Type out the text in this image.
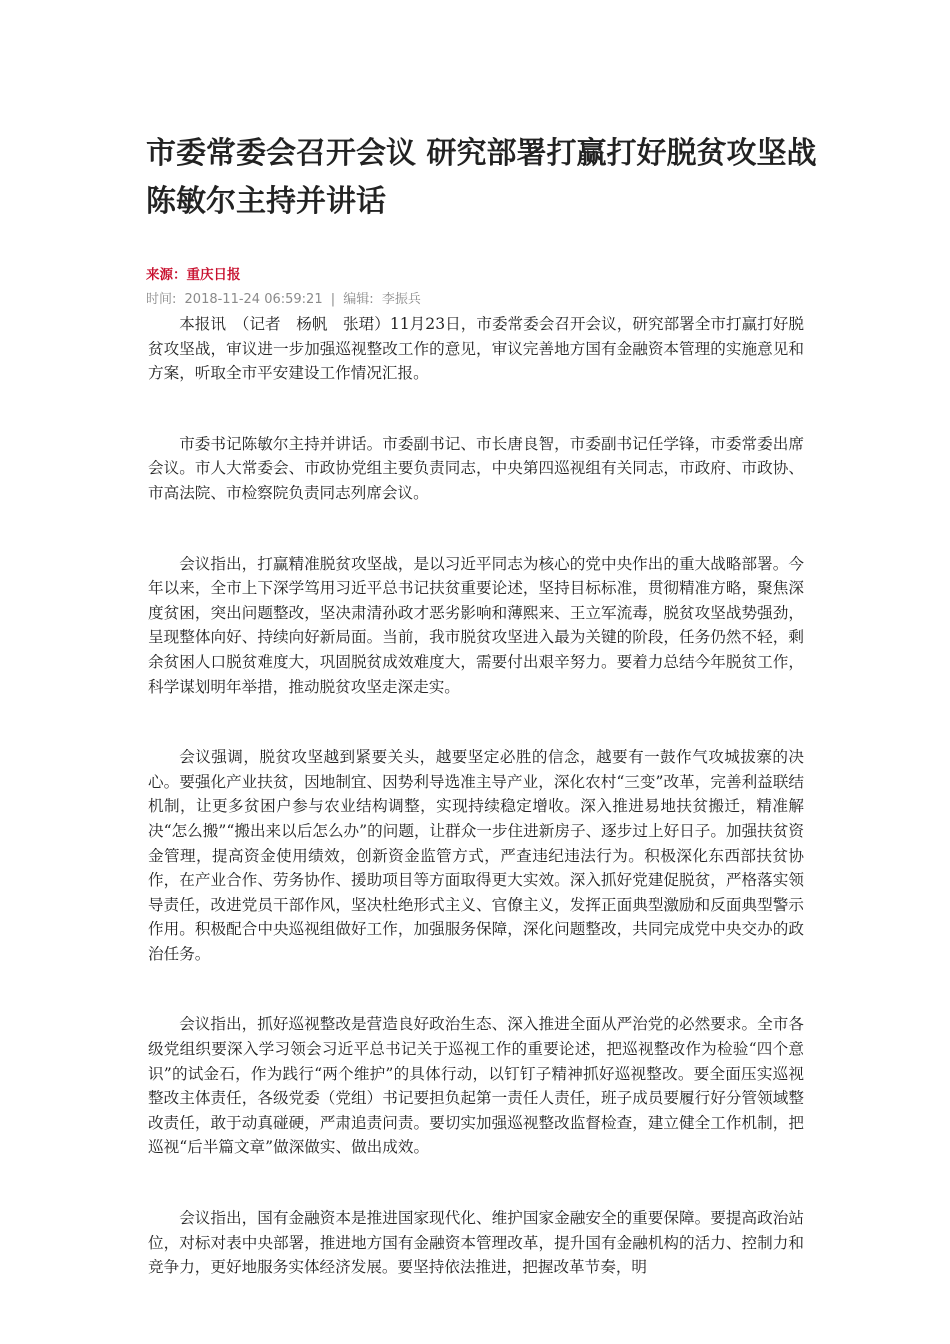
市委常委会召开会议 研究部署打赢打好脱贫攻坚战 陈敏尔主持并讲话
来源：重庆日报
时间: 2018-11-24 06:59:21 | 编辑: 李振兵

本报讯　（记者　杨帆　张珺）11月23日，市委常委会召开会议，研究部署全市打赢打好脱贫攻坚战，审议进一步加强巡视整改工作的意见，审议完善地方国有金融资本管理的实施意见和方案，听取全市平安建设工作情况汇报。

市委书记陈敏尔主持并讲话。市委副书记、市长唐良智，市委副书记任学锋，市委常委出席会议。市人大常委会、市政协党组主要负责同志，中央第四巡视组有关同志，市政府、市政协、市高法院、市检察院负责同志列席会议。

会议指出，打赢精准脱贫攻坚战，是以习近平同志为核心的党中央作出的重大战略部署。今年以来，全市上下深学笃用习近平总书记扶贫重要论述，坚持目标标准，贯彻精准方略，聚焦深度贫困，突出问题整改，坚决肃清孙政才恶劣影响和薄熙来、王立军流毒，脱贫攻坚战势强劲，呈现整体向好、持续向好新局面。当前，我市脱贫攻坚进入最为关键的阶段，任务仍然不轻，剩余贫困人口脱贫难度大，巩固脱贫成效难度大，需要付出艰辛努力。要着力总结今年脱贫工作，科学谋划明年举措，推动脱贫攻坚走深走实。

会议强调，脱贫攻坚越到紧要关头，越要坚定必胜的信念，越要有一鼓作气攻城拔寨的决心。要强化产业扶贫，因地制宜、因势利导选准主导产业，深化农村“三变”改革，完善利益联结机制，让更多贫困户参与农业结构调整，实现持续稳定增收。深入推进易地扶贫搬迁，精准解决“怎么搬”“搬出来以后怎么办”的问题，让群众一步住进新房子、逐步过上好日子。加强扶贫资金管理，提高资金使用绩效，创新资金监管方式，严查违纪违法行为。积极深化东西部扶贫协作，在产业合作、劳务协作、援助项目等方面取得更大实效。深入抓好党建促脱贫，严格落实领导责任，改进党员干部作风，坚决杜绝形式主义、官僚主义，发挥正面典型激励和反面典型警示作用。积极配合中央巡视组做好工作，加强服务保障，深化问题整改，共同完成党中央交办的政治任务。

会议指出，抓好巡视整改是营造良好政治生态、深入推进全面从严治党的必然要求。全市各级党组织要深入学习领会习近平总书记关于巡视工作的重要论述，把巡视整改作为检验“四个意识”的试金石，作为践行“两个维护”的具体行动，以钉钉子精神抓好巡视整改。要全面压实巡视整改主体责任，各级党委（党组）书记要担负起第一责任人责任，班子成员要履行好分管领域整改责任，敢于动真碰硬，严肃追责问责。要切实加强巡视整改监督检查，建立健全工作机制，把巡视“后半篇文章”做深做实、做出成效。

会议指出，国有金融资本是推进国家现代化、维护国家金融安全的重要保障。要提高政治站位，对标对表中央部署，推进地方国有金融资本管理改革，提升国有金融机构的活力、控制力和竞争力，更好地服务实体经济发展。要坚持依法推进，把握改革节奏，明
